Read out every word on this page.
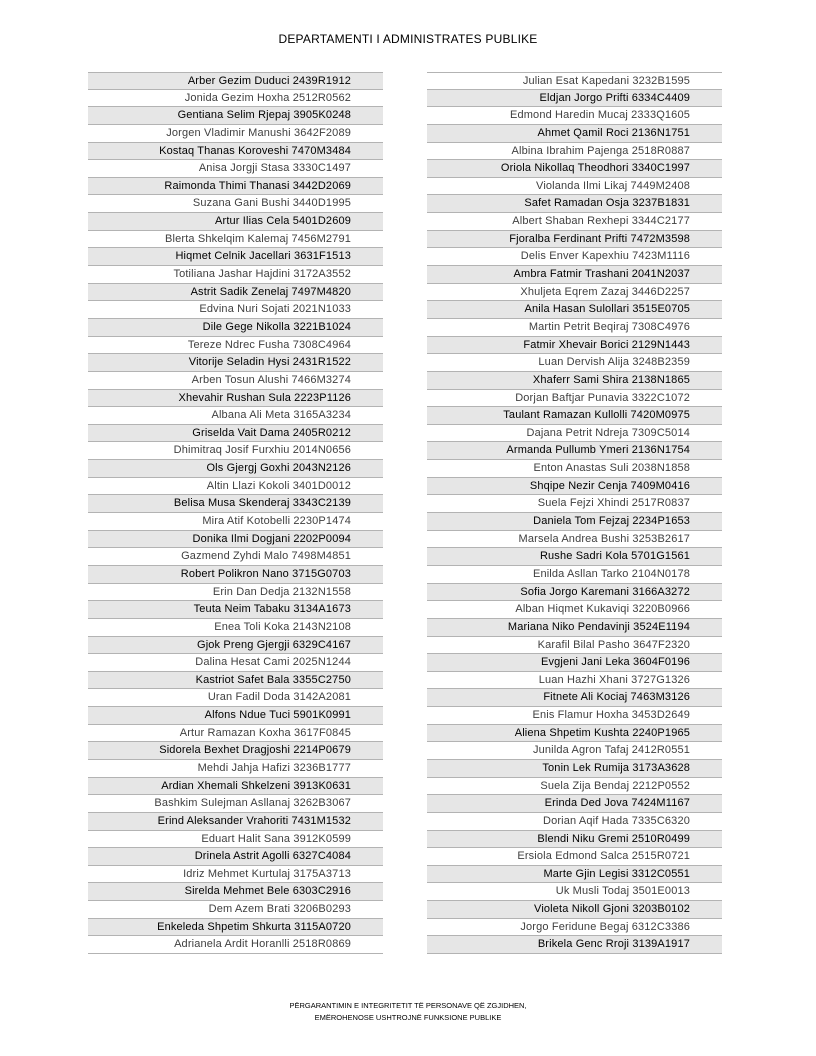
DEPARTAMENTI I ADMINISTRATES PUBLIKE
Arber Gezim Duduci 2439R1912
Jonida Gezim Hoxha 2512R0562
Gentiana Selim Rjepaj 3905K0248
Jorgen Vladimir Manushi 3642F2089
Kostaq Thanas Koroveshi 7470M3484
Anisa Jorgji Stasa 3330C1497
Raimonda Thimi Thanasi 3442D2069
Suzana Gani Bushi 3440D1995
Artur Ilias Cela 5401D2609
Blerta Shkelqim Kalemaj 7456M2791
Hiqmet Celnik Jacellari 3631F1513
Totiliana Jashar Hajdini 3172A3552
Astrit Sadik Zenelaj 7497M4820
Edvina Nuri Sojati 2021N1033
Dile Gege Nikolla 3221B1024
Tereze Ndrec Fusha 7308C4964
Vitorije Seladin Hysi 2431R1522
Arben Tosun Alushi 7466M3274
Xhevahir Rushan Sula 2223P1126
Albana Ali Meta 3165A3234
Griselda Vait Dama 2405R0212
Dhimitraq Josif Furxhiu 2014N0656
Ols Gjergj Goxhi 2043N2126
Altin Llazi Kokoli 3401D0012
Belisa Musa Skenderaj 3343C2139
Mira Atif Kotobelli 2230P1474
Donika Ilmi Dogjani 2202P0094
Gazmend Zyhdi Malo 7498M4851
Robert Polikron Nano 3715G0703
Erin Dan Dedja 2132N1558
Teuta Neim Tabaku 3134A1673
Enea Toli Koka 2143N2108
Gjok Preng Gjergji 6329C4167
Dalina Hesat Cami 2025N1244
Kastriot Safet Bala 3355C2750
Uran Fadil Doda 3142A2081
Alfons Ndue Tuci 5901K0991
Artur Ramazan Koxha 3617F0845
Sidorela Bexhet Dragjoshi 2214P0679
Mehdi Jahja Hafizi 3236B1777
Ardian Xhemali Shkelzeni 3913K0631
Bashkim Sulejman Asllanaj 3262B3067
Erind Aleksander Vrahoriti 7431M1532
Eduart Halit Sana 3912K0599
Drinela Astrit Agolli 6327C4084
Idriz Mehmet Kurtulaj 3175A3713
Sirelda Mehmet Bele 6303C2916
Dem Azem Brati 3206B0293
Enkeleda Shpetim Shkurta 3115A0720
Adrianela Ardit Horanlli 2518R0869
Julian Esat Kapedani 3232B1595
Eldjan Jorgo Prifti 6334C4409
Edmond Haredin Mucaj 2333Q1605
Ahmet Qamil Roci 2136N1751
Albina Ibrahim Pajenga 2518R0887
Oriola Nikollaq Theodhori 3340C1997
Violanda Ilmi Likaj 7449M2408
Safet Ramadan Osja 3237B1831
Albert Shaban Rexhepi 3344C2177
Fjoralba Ferdinant Prifti 7472M3598
Delis Enver Kapexhiu 7423M1116
Ambra Fatmir Trashani 2041N2037
Xhuljeta Eqrem Zazaj 3446D2257
Anila Hasan Sulollari 3515E0705
Martin Petrit Beqiraj 7308C4976
Fatmir Xhevair Borici 2129N1443
Luan Dervish Alija 3248B2359
Xhaferr Sami Shira 2138N1865
Dorjan Baftjar Punavia 3322C1072
Taulant Ramazan Kullolli 7420M0975
Dajana Petrit Ndreja 7309C5014
Armanda Pullumb Ymeri 2136N1754
Enton Anastas Suli 2038N1858
Shqipe Nezir Cenja 7409M0416
Suela Fejzi Xhindi 2517R0837
Daniela Tom Fejzaj 2234P1653
Marsela Andrea Bushi 3253B2617
Rushe Sadri Kola 5701G1561
Enilda Asllan Tarko 2104N0178
Sofia Jorgo Karemani 3166A3272
Alban Hiqmet Kukaviqi 3220B0966
Mariana Niko Pendavinji 3524E1194
Karafil Bilal Pasho 3647F2320
Evgjeni Jani Leka 3604F0196
Luan Hazhi Xhani 3727G1326
Fitnete Ali Kociaj 7463M3126
Enis Flamur Hoxha 3453D2649
Aliena Shpetim Kushta 2240P1965
Junilda Agron Tafaj 2412R0551
Tonin Lek Rumija 3173A3628
Suela Zija Bendaj 2212P0552
Erinda Ded Jova 7424M1167
Dorian Aqif Hada 7335C6320
Blendi Niku Gremi 2510R0499
Ersiola Edmond Salca 2515R0721
Marte Gjin Legisi 3312C0551
Uk Musli Todaj 3501E0013
Violeta Nikoll Gjoni 3203B0102
Jorgo Feridune Begaj 6312C3386
Brikela Genc Rroji 3139A1917
PËRGARANTIMIN E INTEGRITETIT TË PERSONAVE QË ZGJIDHEN,
EMËROHENOSE USHTROJNË FUNKSIONE PUBLIKE
